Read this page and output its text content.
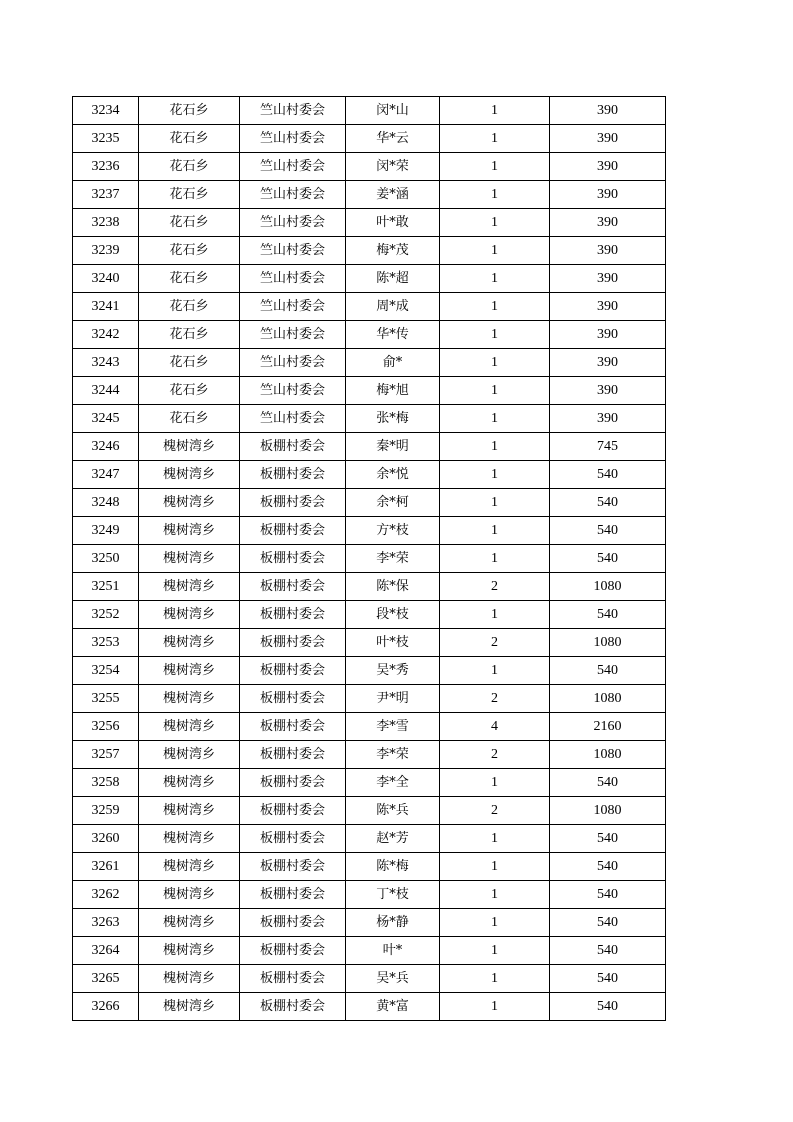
3234	花石乡	竺山村委会	闵*山	1	390
3235	花石乡	竺山村委会	华*云	1	390
3236	花石乡	竺山村委会	闵*荣	1	390
3237	花石乡	竺山村委会	姜*涵	1	390
3238	花石乡	竺山村委会	叶*敢	1	390
3239	花石乡	竺山村委会	梅*茂	1	390
3240	花石乡	竺山村委会	陈*超	1	390
3241	花石乡	竺山村委会	周*成	1	390
3242	花石乡	竺山村委会	华*传	1	390
3243	花石乡	竺山村委会	俞*	1	390
3244	花石乡	竺山村委会	梅*旭	1	390
3245	花石乡	竺山村委会	张*梅	1	390
3246	槐树湾乡	板棚村委会	秦*明	1	745
3247	槐树湾乡	板棚村委会	余*悦	1	540
3248	槐树湾乡	板棚村委会	余*柯	1	540
3249	槐树湾乡	板棚村委会	方*枝	1	540
3250	槐树湾乡	板棚村委会	李*荣	1	540
3251	槐树湾乡	板棚村委会	陈*保	2	1080
3252	槐树湾乡	板棚村委会	段*枝	1	540
3253	槐树湾乡	板棚村委会	叶*枝	2	1080
3254	槐树湾乡	板棚村委会	吴*秀	1	540
3255	槐树湾乡	板棚村委会	尹*明	2	1080
3256	槐树湾乡	板棚村委会	李*雪	4	2160
3257	槐树湾乡	板棚村委会	李*荣	2	1080
3258	槐树湾乡	板棚村委会	李*全	1	540
3259	槐树湾乡	板棚村委会	陈*兵	2	1080
3260	槐树湾乡	板棚村委会	赵*芳	1	540
3261	槐树湾乡	板棚村委会	陈*梅	1	540
3262	槐树湾乡	板棚村委会	丁*枝	1	540
3263	槐树湾乡	板棚村委会	杨*静	1	540
3264	槐树湾乡	板棚村委会	叶*	1	540
3265	槐树湾乡	板棚村委会	吴*兵	1	540
3266	槐树湾乡	板棚村委会	黄*富	1	540
